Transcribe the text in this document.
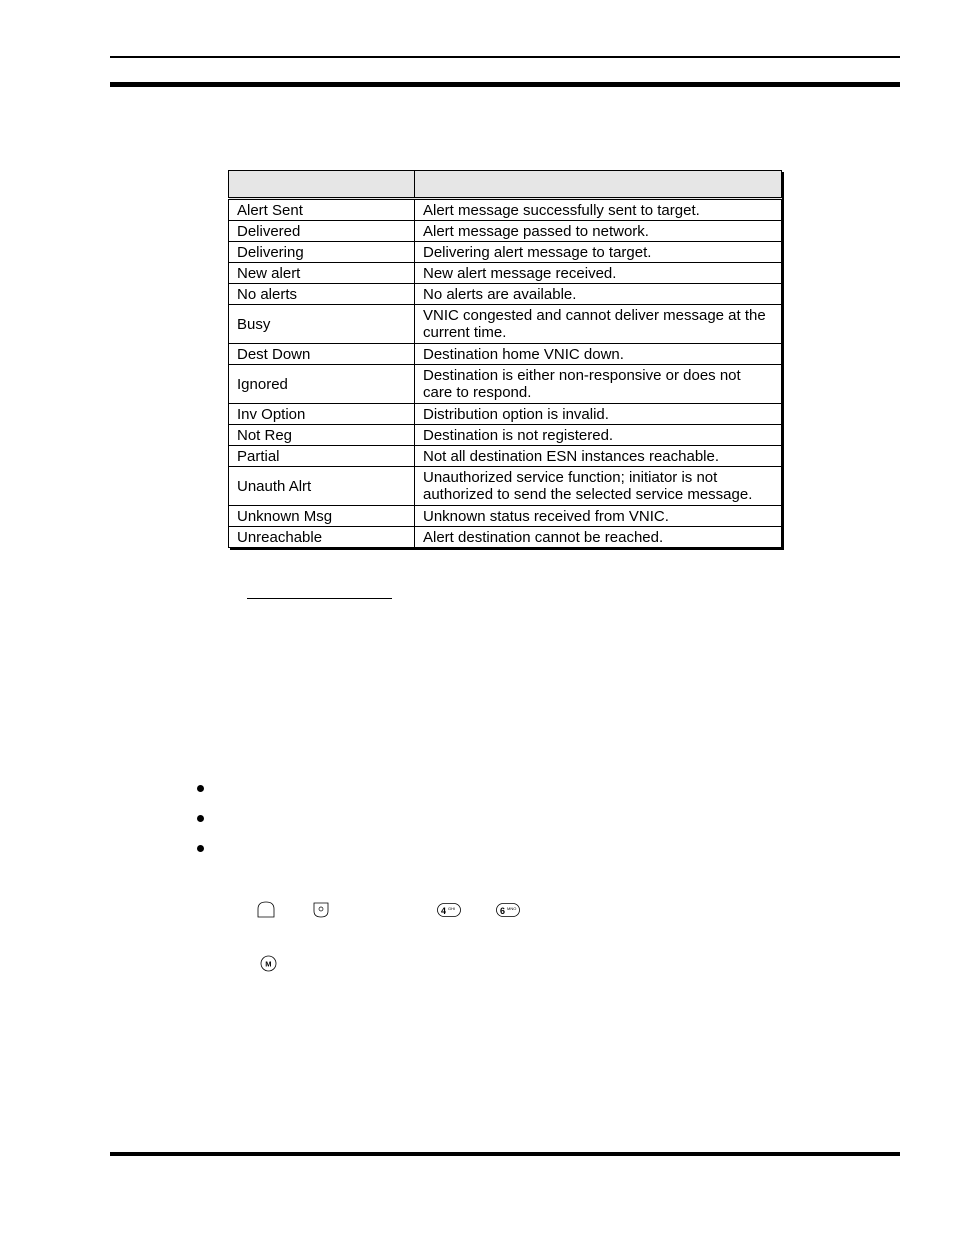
Alert Sent	Alert message successfully sent to target.
Delivered	Alert message passed to network.
Delivering	Delivering alert message to target.
New alert	New alert message received.
No alerts	No alerts are available.
Busy	VNIC congested and cannot deliver message at the current time.
Dest Down	Destination home VNIC down.
Ignored	Destination is either non-responsive or does not care to respond.
Inv Option	Distribution option is invalid.
Not Reg	Destination is not registered.
Partial	Not all destination ESN instances reachable.
Unauth Alrt	Unauthorized service function; initiator is not authorized to send the selected service message.
Unknown Msg	Unknown status received from VNIC.
Unreachable	Alert destination cannot be reached.
4 GHI	6 MNO
M
